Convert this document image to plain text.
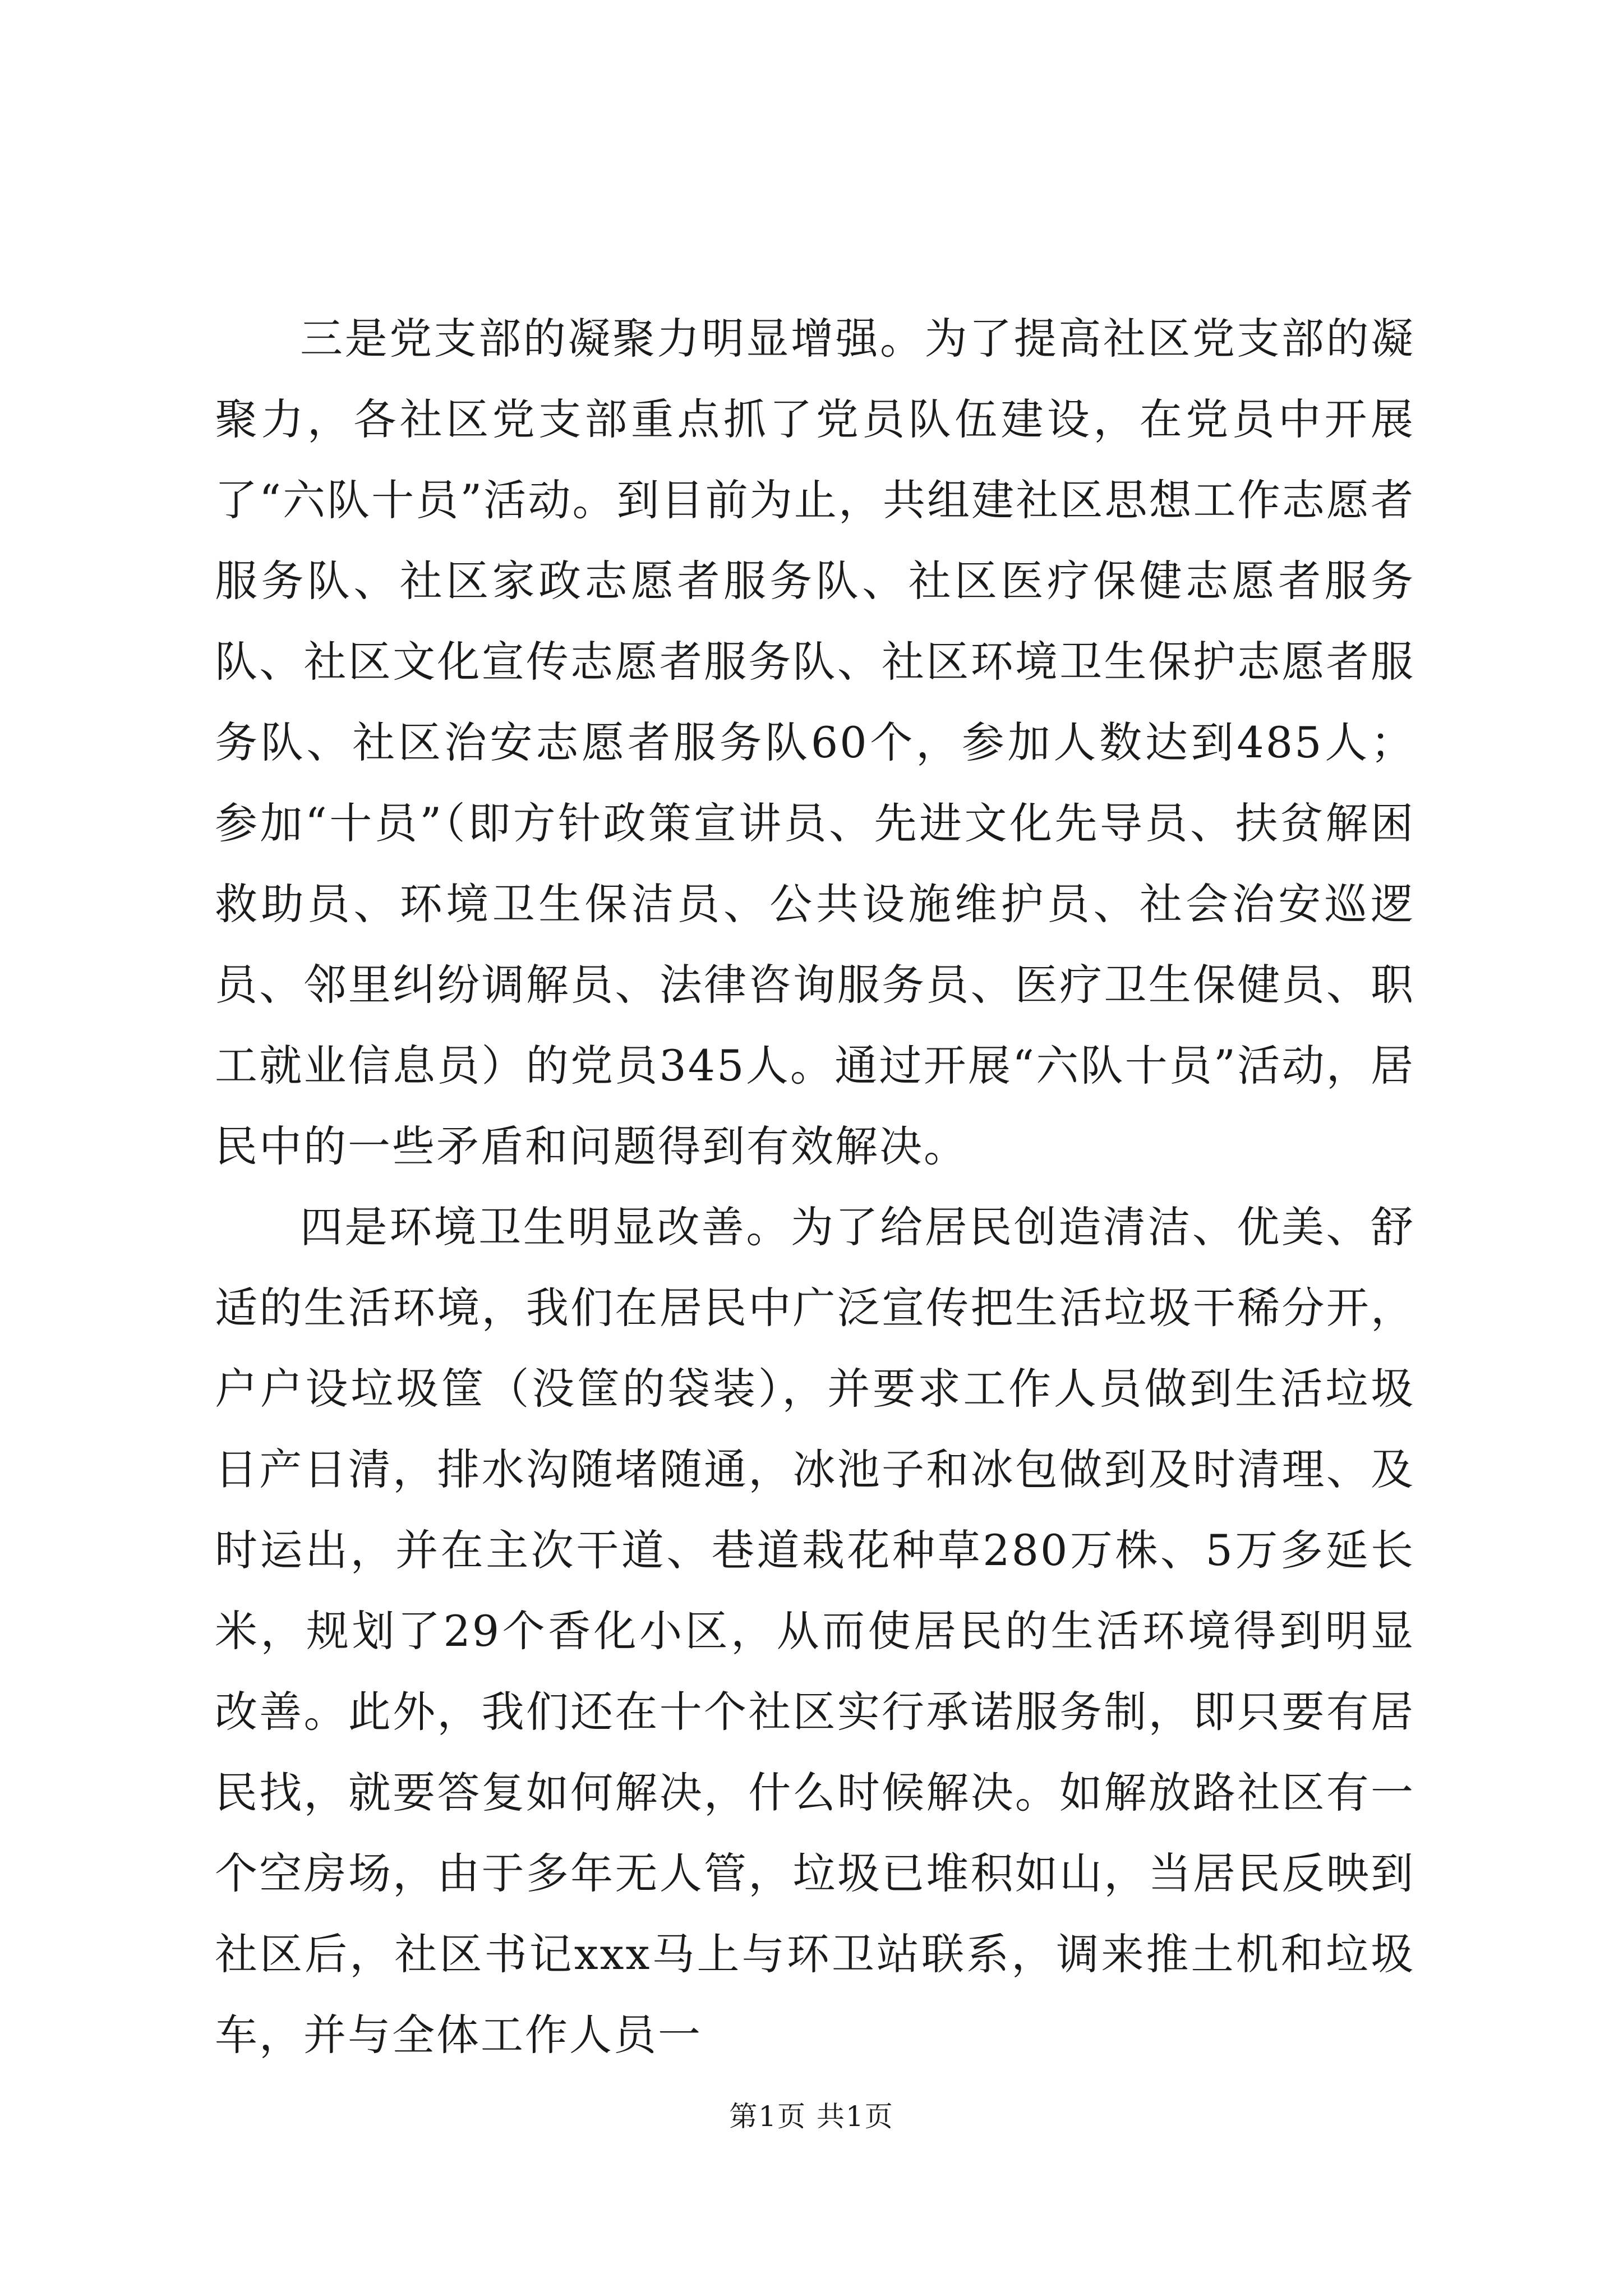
三是党支部的凝聚力明显增强。为了提高社区党支部的凝聚力，各社区党支部重点抓了党员队伍建设，在党员中开展了“六队十员”活动。到目前为止，共组建社区思想工作志愿者服务队、社区家政志愿者服务队、社区医疗保健志愿者服务队、社区文化宣传志愿者服务队、社区环境卫生保护志愿者服务队、社区治安志愿者服务队60个，参加人数达到485人；参加“十员”（即方针政策宣讲员、先进文化先导员、扶贫解困救助员、环境卫生保洁员、公共设施维护员、社会治安巡逻员、邻里纠纷调解员、法律咨询服务员、医疗卫生保健员、职工就业信息员）的党员345人。通过开展“六队十员”活动，居民中的一些矛盾和问题得到有效解决。

四是环境卫生明显改善。为了给居民创造清洁、优美、舒适的生活环境，我们在居民中广泛宣传把生活垃圾干稀分开，户户设垃圾筐（没筐的袋装），并要求工作人员做到生活垃圾日产日清，排水沟随堵随通，冰池子和冰包做到及时清理、及时运出，并在主次干道、巷道栽花种草280万株、5万多延长米，规划了29个香化小区，从而使居民的生活环境得到明显改善。此外，我们还在十个社区实行承诺服务制，即只要有居民找，就要答复如何解决，什么时候解决。如解放路社区有一个空房场，由于多年无人管，垃圾已堆积如山，当居民反映到社区后，社区书记xxx马上与环卫站联系，调来推土机和垃圾车，并与全体工作人员一

第1页 共1页
